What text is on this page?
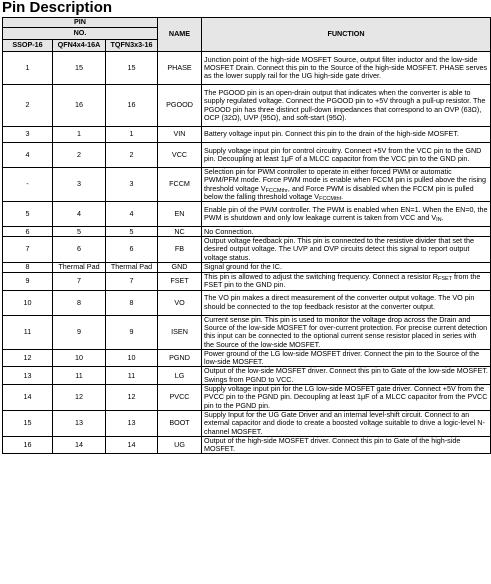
Pin Description
PIN			NAME	FUNCTION
NO.				
SSOP-16	QFN4x4-16A	TQFN3x3-16		
1	15	15	PHASE	Junction point of the high-side MOSFET Source, output filter inductor and the low-side MOSFET Drain. Connect this pin to the Source of the high-side MOSFET. PHASE serves as the lower supply rail for the UG high-side gate driver.
2	16	16	PGOOD	The PGOOD pin is an open-drain output that indicates when the converter is able to supply regulated voltage. Connect the PGOOD pin to +5V through a pull-up resistor. The PGOOD pin has three distinct pull-down impedances that correspond to an OVP (63Ω), OCP (32Ω), UVP (95Ω), and soft-start (95Ω).
3	1	1	VIN	Battery voltage input pin. Connect this pin to the drain of the high-side MOSFET.
4	2	2	VCC	Supply voltage input pin for control circuitry. Connect +5V from the VCC pin to the GND pin. Decoupling at least 1μF of a MLCC capacitor from the VCC pin to the GND pin.
-	3	3	FCCM	Selection pin for PWM controller to operate in either forced PWM or automatic PWM/PFM mode. Force PWM mode is enable when FCCM pin is pulled above the rising threshold voltage $V_{FCCMthr}$, and Force PWM is disabled when the FCCM pin is pulled below the falling threshold voltage $V_{FCCMthf}$.
5	4	4	EN	Enable pin of the PWM controller. The PWM is enabled when EN=1. When the EN=0, the PWM is shutdown and only low leakage current is taken from VCC and $V_{IN}$.
6	5	5	NC	No Connection.
7	6	6	FB	Output voltage feedback pin. This pin is connected to the resistive divider that set the desired output voltage. The UVP and OVP circuits detect this signal to report output voltage status.
8	Thermal Pad	Thermal Pad	GND	Signal ground for the IC.
9	7	7	FSET	This pin is allowed to adjust the switching frequency. Connect a resistor $R_{FSET}$ from the FSET pin to the GND pin.
10	8	8	VO	The VO pin makes a direct measurement of the converter output voltage. The VO pin should be connected to the top feedback resistor at the converter output.
11	9	9	ISEN	Current sense pin. This pin is used to monitor the voltage drop across the Drain and Source of the low-side MOSFET for over-current protection. For precise current detection this input can be connected to the optional current sense resistor placed in series with the Source of the low-side MOSFET.
12	10	10	PGND	Power ground of the LG low-side MOSFET driver. Connect the pin to the Source of the low-side MOSFET.
13	11	11	LG	Output of the low-side MOSFET driver. Connect this pin to Gate of the low-side MOSFET. Swings from PGND to VCC.
14	12	12	PVCC	Supply voltage input pin for the LG low-side MOSFET gate driver. Connect +5V from the PVCC pin to the PGND pin. Decoupling at least 1μF of a MLCC capacitor from the PVCC pin to the PGND pin.
15	13	13	BOOT	Supply Input for the UG Gate Driver and an internal level-shift circuit. Connect to an external capacitor and diode to create a boosted voltage suitable to drive a logic-level N-channel MOSFET.
16	14	14	UG	Output of the high-side MOSFET driver. Connect this pin to Gate of the high-side MOSFET.
